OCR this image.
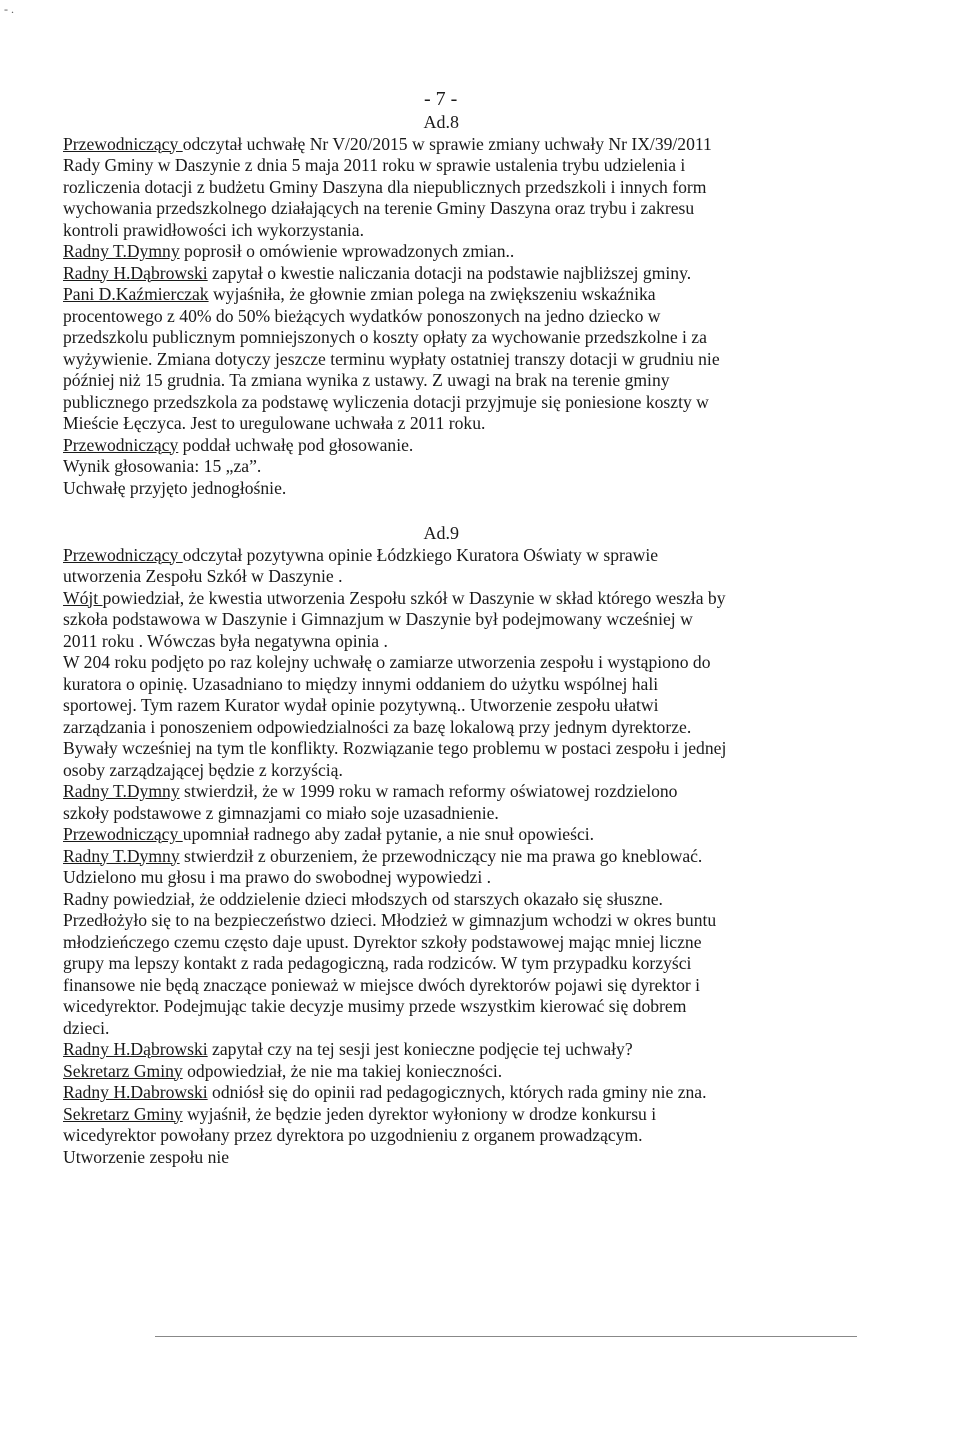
- .
- 7 -
Ad.8
Przewodniczący odczytał uchwałę Nr V/20/2015 w sprawie zmiany uchwały Nr IX/39/2011
Rady Gminy w Daszynie z dnia 5 maja 2011 roku w sprawie ustalenia trybu udzielenia i
rozliczenia dotacji z budżetu Gminy Daszyna dla niepublicznych przedszkoli i innych form
wychowania przedszkolnego działających na terenie Gminy Daszyna oraz trybu i zakresu
kontroli prawidłowości ich wykorzystania.
Radny T.Dymny poprosił o omówienie wprowadzonych zmian..
Radny H.Dąbrowski zapytał o kwestie naliczania dotacji na podstawie najbliższej gminy.
Pani D.Kaźmierczak wyjaśniła, że głownie zmian polega na zwiększeniu wskaźnika
procentowego z 40% do 50% bieżących wydatków ponoszonych na jedno dziecko w
przedszkolu publicznym pomniejszonych o koszty opłaty za wychowanie przedszkolne i za
wyżywienie. Zmiana dotyczy jeszcze terminu wypłaty ostatniej transzy dotacji w grudniu nie
później niż 15 grudnia. Ta zmiana wynika z ustawy. Z uwagi na brak na terenie gminy
publicznego przedszkola za podstawę wyliczenia dotacji przyjmuje się poniesione koszty w
Mieście Łęczyca. Jest to uregulowane uchwała z 2011 roku.
Przewodniczący poddał uchwałę pod głosowanie.
Wynik głosowania: 15 „za”.
Uchwałę przyjęto jednogłośnie.
Ad.9
Przewodniczący odczytał pozytywna opinie Łódzkiego Kuratora Oświaty w sprawie
utworzenia Zespołu Szkół w Daszynie .
Wójt powiedział, że kwestia utworzenia Zespołu szkół w Daszynie w skład którego weszła by
szkoła podstawowa w Daszynie i Gimnazjum w Daszynie był podejmowany wcześniej w
2011 roku . Wówczas była negatywna opinia .
W 204 roku podjęto po raz kolejny uchwałę o zamiarze utworzenia zespołu i wystąpiono do
kuratora o opinię. Uzasadniano to między innymi oddaniem do użytku wspólnej hali
sportowej. Tym razem Kurator wydał opinie pozytywną.. Utworzenie zespołu ułatwi
zarządzania i ponoszeniem odpowiedzialności za bazę lokalową przy jednym dyrektorze.
Bywały wcześniej na tym tle konflikty. Rozwiązanie tego problemu w postaci zespołu i jednej
osoby zarządzającej będzie z korzyścią.
Radny T.Dymny stwierdził, że w 1999 roku w ramach reformy oświatowej rozdzielono
szkoły podstawowe z gimnazjami co miało soje uzasadnienie.
Przewodniczący upomniał radnego aby zadał pytanie, a nie snuł opowieści.
Radny T.Dymny stwierdził z oburzeniem, że przewodniczący nie ma prawa go kneblować.
Udzielono mu głosu i ma prawo do swobodnej wypowiedzi .
Radny powiedział, że oddzielenie dzieci młodszych od starszych okazało się słuszne.
Przedłożyło się to na bezpieczeństwo dzieci. Młodzież w gimnazjum wchodzi w okres buntu
młodzieńczego czemu często daje upust. Dyrektor szkoły podstawowej mając mniej liczne
grupy ma lepszy kontakt z rada pedagogiczną, rada rodziców. W tym przypadku korzyści
finansowe nie będą znaczące ponieważ w miejsce dwóch dyrektorów pojawi się dyrektor i
wicedyrektor. Podejmując takie decyzje musimy przede wszystkim kierować się dobrem
dzieci.
Radny H.Dąbrowski zapytał czy na tej sesji jest konieczne podjęcie tej uchwały?
Sekretarz Gminy odpowiedział, że nie ma takiej konieczności.
Radny H.Dabrowski odniósł się do opinii rad pedagogicznych, których rada gminy nie zna.
Sekretarz Gminy wyjaśnił, że będzie jeden dyrektor wyłoniony w drodze konkursu i
wicedyrektor powołany przez dyrektora po uzgodnieniu z organem prowadzącym.
Utworzenie zespołu nie
